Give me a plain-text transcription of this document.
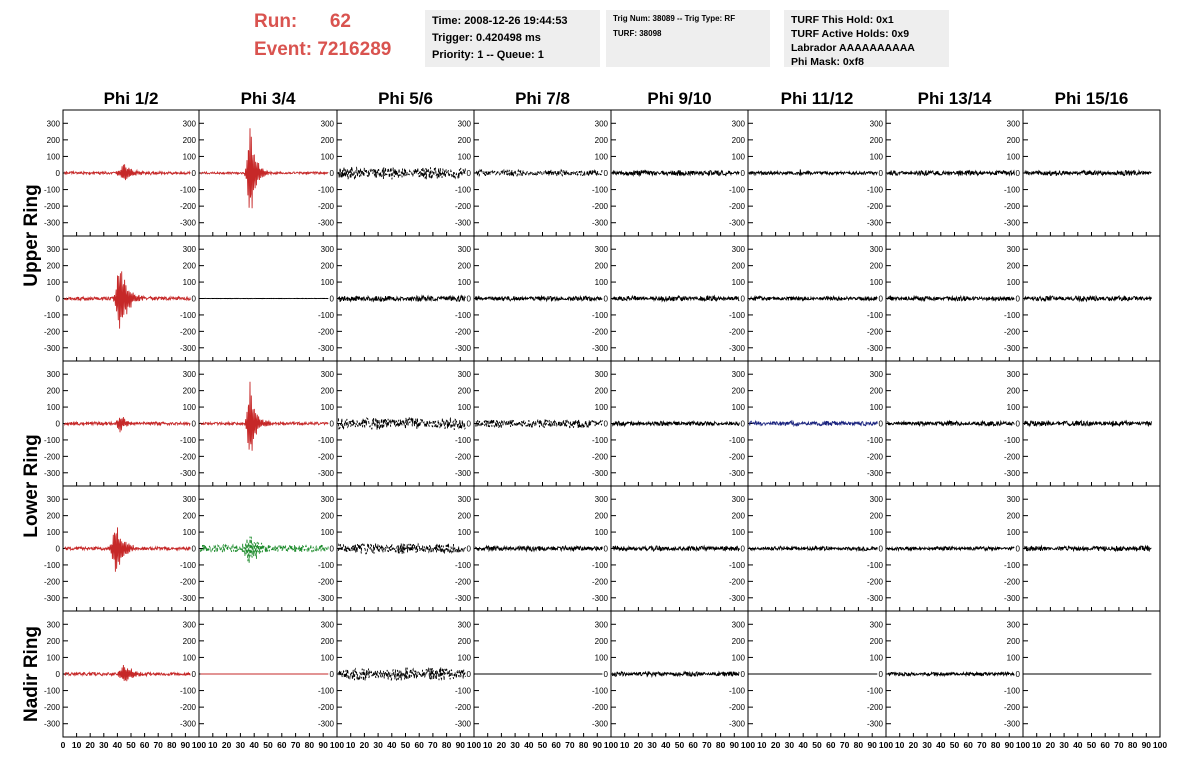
Run: 62
Event: 7216289
Time: 2008-12-26 19:44:53
Trigger: 0.420498 ms
Priority: 1 -- Queue: 1
Trig Num: 38089 -- Trig Type: RF
TURF: 38098
TURF This Hold: 0x1
TURF Active Holds: 0x9
Labrador AAAAAAAAAA
Phi Mask: 0xf8
Phi 1/2	Phi 3/4	Phi 5/6	Phi 7/8	Phi 9/10	Phi 11/12	Phi 13/14	Phi 15/16
Upper Ring
Lower Ring
Nadir Ring
-300
-200
-100
0
100
200
300
-300
-200
-100
0
100
200
300
-300
-200
-100
0
100
200
300
-300
-200
-100
0
100
200
300
-300
-200
-100
0
100
200
300
-300
-200
-100
0
100
200
300
-300
-200
-100
0
100
200
300
-300
-200
-100
0
100
200
300
-300
-200
-100
0
100
200
300
-300
-200
-100
0
100
200
300
-300
-200
-100
0
100
200
300
-300
-200
-100
0
100
200
300
-300
-200
-100
0
100
200
300
-300
-200
-100
0
100
200
300
-300
-200
-100
0
100
200
300
-300
-200
-100
0
100
200
300
-300
-200
-100
0
100
200
300
-300
-200
-100
0
100
200
300
-300
-200
-100
0
100
200
300
-300
-200
-100
0
100
200
300
-300
-200
-100
0
100
200
300
-300
-200
-100
0
100
200
300
-300
-200
-100
0
100
200
300
-300
-200
-100
0
100
200
300
-300
-200
-100
0
100
200
300
-300
-200
-100
0
100
200
300
-300
-200
-100
0
100
200
300
-300
-200
-100
0
100
200
300
-300
-200
-100
0
100
200
300
-300
-200
-100
0
100
200
300
-300
-200
-100
0
100
200
300
-300
-200
-100
0
100
200
300
-300
-200
-100
0
100
200
300
-300
-200
-100
0
100
200
300
-300
-200
-100
0
100
200
300
-300
-200
-100
0
100
200
300
-300
-200
-100
0
100
200
300
-300
-200
-100
0
100
200
300
-300
-200
-100
0
100
200
300
-300
-200
-100
0
100
200
300
0 10 20 30 40 50 60 70 80 90 100 10 20 30 40 50 60 70 80 90 100 10 20 30 40 50 60 70 80 90 100 10 20 30 40 50 60 70 80 90 100 10 20 30 40 50 60 70 80 90 100 10 20 30 40 50 60 70 80 90 100 10 20 30 40 50 60 70 80 90 100 10 20 30 40 50 60 70 80 90 100
